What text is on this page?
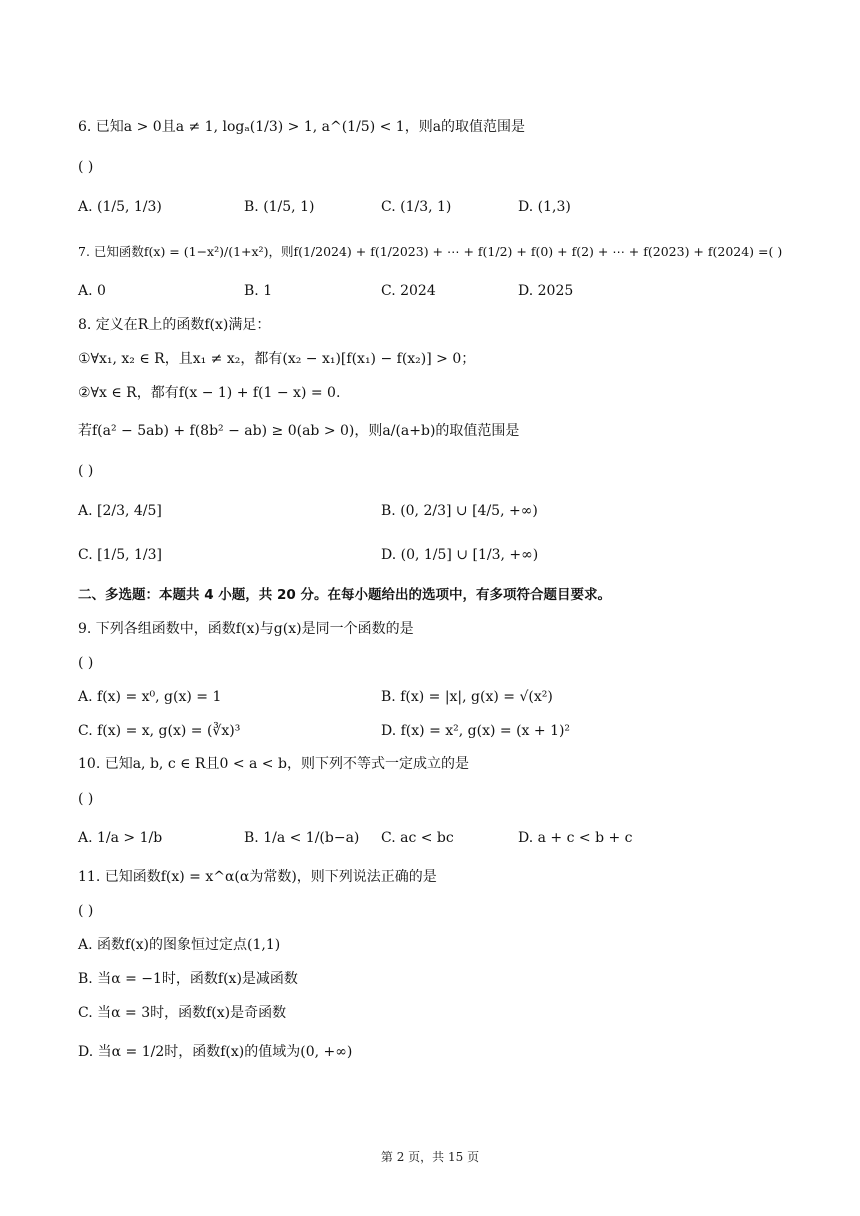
6. 已知a > 0且a ≠ 1, logₐ(1/3) > 1, a^(1/5) < 1，则a的取值范围是
( )
A. (1/5, 1/3)	B. (1/5, 1)	C. (1/3, 1)	D. (1,3)
7. 已知函数f(x) = (1−x²)/(1+x²)，则f(1/2024) + f(1/2023) + ⋯ + f(1/2) + f(0) + f(2) + ⋯ + f(2023) + f(2024) =( )
A. 0	B. 1	C. 2024	D. 2025
8. 定义在R上的函数f(x)满足：
①∀x₁, x₂ ∈ R，且x₁ ≠ x₂，都有(x₂ − x₁)[f(x₁) − f(x₂)] > 0；
②∀x ∈ R，都有f(x − 1) + f(1 − x) = 0.
若f(a² − 5ab) + f(8b² − ab) ≥ 0(ab > 0)，则a/(a+b)的取值范围是
( )
A. [2/3, 4/5]	B. (0, 2/3] ∪ [4/5, +∞)
C. [1/5, 1/3]	D. (0, 1/5] ∪ [1/3, +∞)
二、多选题：本题共 4 小题，共 20 分。在每小题给出的选项中，有多项符合题目要求。
9. 下列各组函数中，函数f(x)与g(x)是同一个函数的是
( )
A. f(x) = x⁰, g(x) = 1	B. f(x) = |x|, g(x) = √(x²)
C. f(x) = x, g(x) = (∛x)³	D. f(x) = x², g(x) = (x + 1)²
10. 已知a, b, c ∈ R且0 < a < b，则下列不等式一定成立的是
( )
A. 1/a > 1/b	B. 1/a < 1/(b−a) C. ac < bc	D. a + c < b + c
11. 已知函数f(x) = x^α(α为常数)，则下列说法正确的是
( )
A. 函数f(x)的图象恒过定点(1,1)
B. 当α = −1时，函数f(x)是减函数
C. 当α = 3时，函数f(x)是奇函数
D. 当α = 1/2时，函数f(x)的值域为(0, +∞)
第 2 页，共 15 页
